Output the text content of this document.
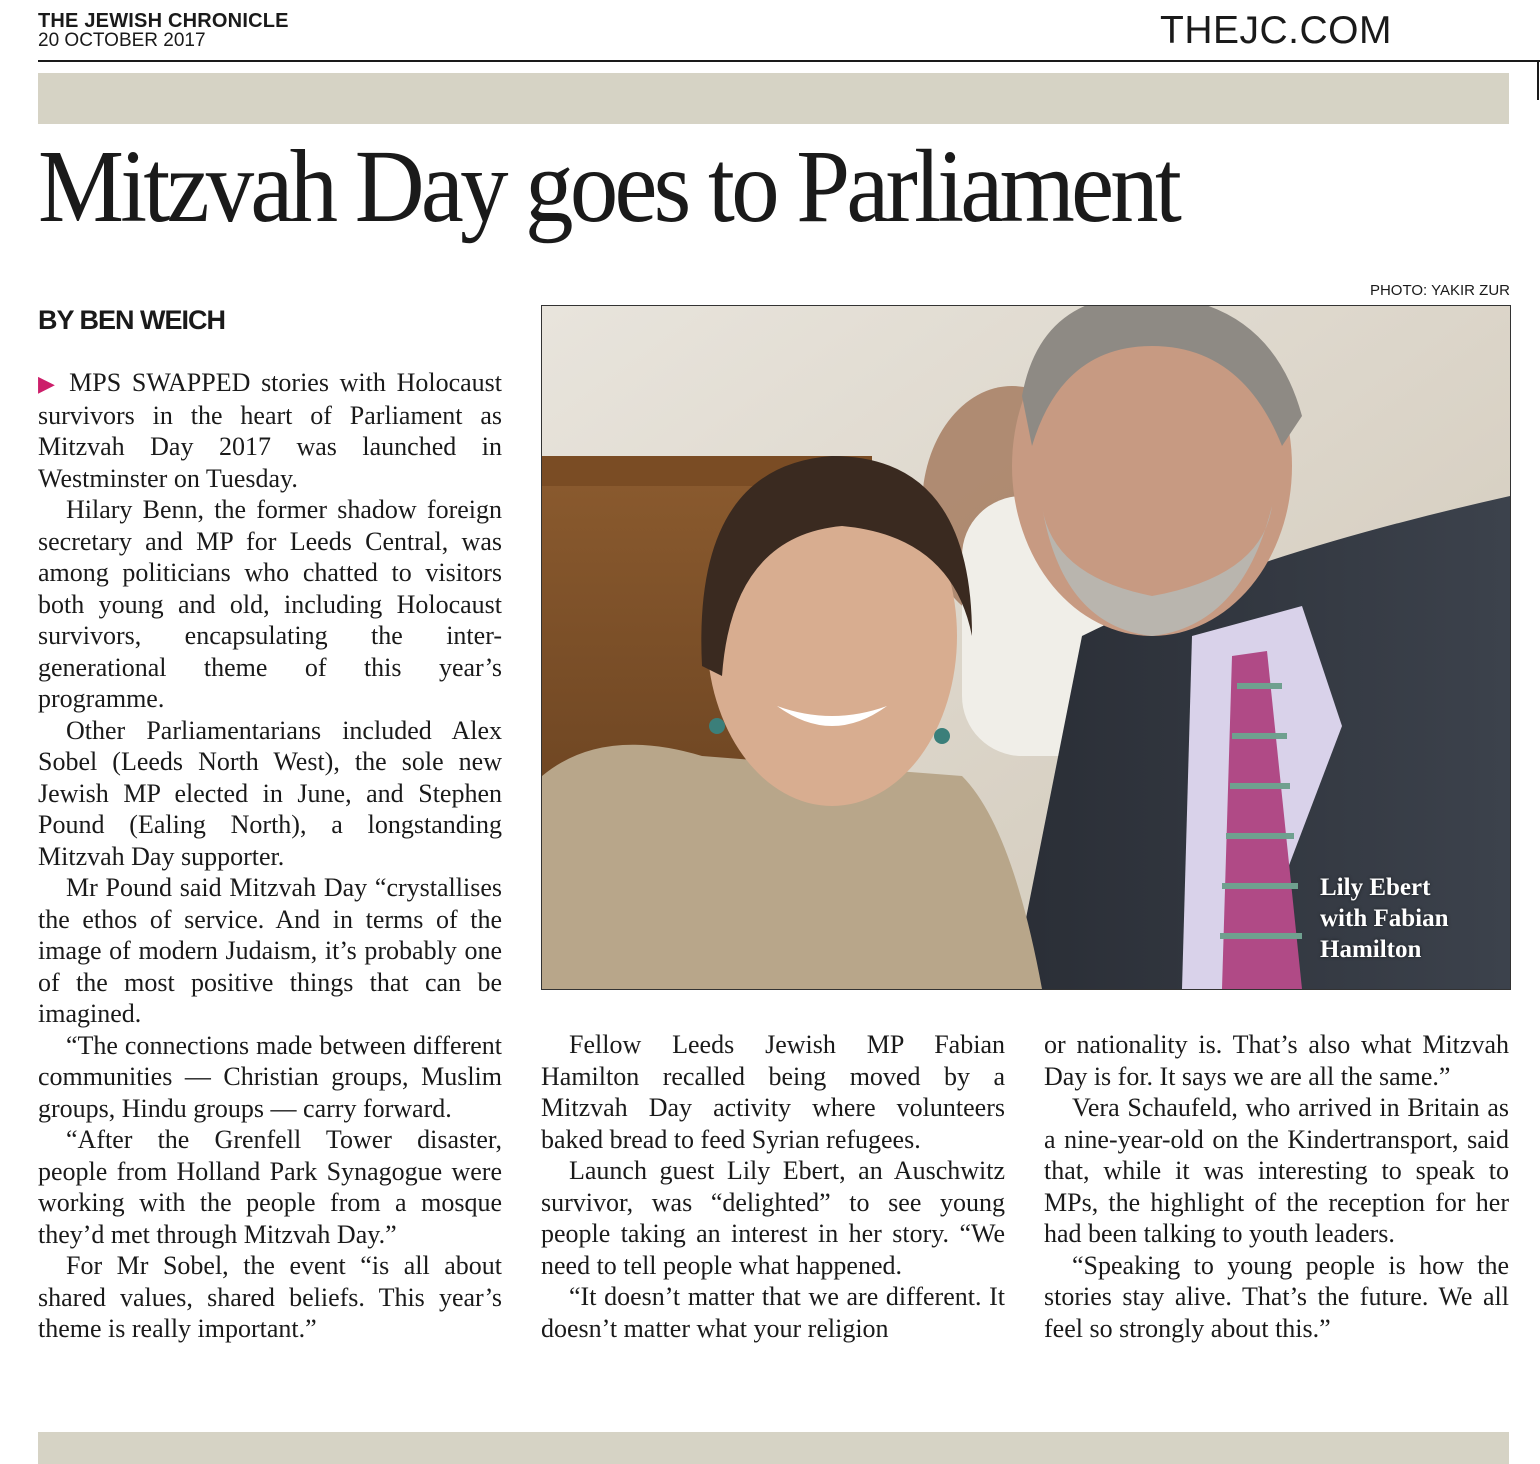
THE JEWISH CHRONICLE
20 OCTOBER 2017	THEJC.COM
Mitzvah Day goes to Parliament
BY BEN WEICH

▶ MPS SWAPPED stories with Holocaust survivors in the heart of Parliament as Mitzvah Day 2017 was launched in Westminster on Tuesday.

Hilary Benn, the former shadow foreign secretary and MP for Leeds Central, was among politicians who chatted to visitors both young and old, including Holocaust survivors, encapsulating the inter-generational theme of this year’s programme.

Other Parliamentarians included Alex Sobel (Leeds North West), the sole new Jewish MP elected in June, and Stephen Pound (Ealing North), a longstanding Mitzvah Day supporter.

Mr Pound said Mitzvah Day “crystallises the ethos of service. And in terms of the image of modern Judaism, it’s probably one of the most positive things that can be imagined.

“The connections made between different communities — Christian groups, Muslim groups, Hindu groups — carry forward.

“After the Grenfell Tower disaster, people from Holland Park Synagogue were working with the people from a mosque they’d met through Mitzvah Day.”

For Mr Sobel, the event “is all about shared values, shared beliefs. This year’s theme is really important.”

Lily Ebert
with Fabian
Hamilton
PHOTO: YAKIR ZUR

Fellow Leeds Jewish MP Fabian Hamilton recalled being moved by a Mitzvah Day activity where volunteers baked bread to feed Syrian refugees.

Launch guest Lily Ebert, an Auschwitz survivor, was “delighted” to see young people taking an interest in her story. “We need to tell people what happened.

“It doesn’t matter that we are different. It doesn’t matter what your religion

or nationality is. That’s also what Mitzvah Day is for. It says we are all the same.”

Vera Schaufeld, who arrived in Britain as a nine-year-old on the Kindertransport, said that, while it was interesting to speak to MPs, the highlight of the reception for her had been talking to youth leaders.

“Speaking to young people is how the stories stay alive. That’s the future. We all feel so strongly about this.”
